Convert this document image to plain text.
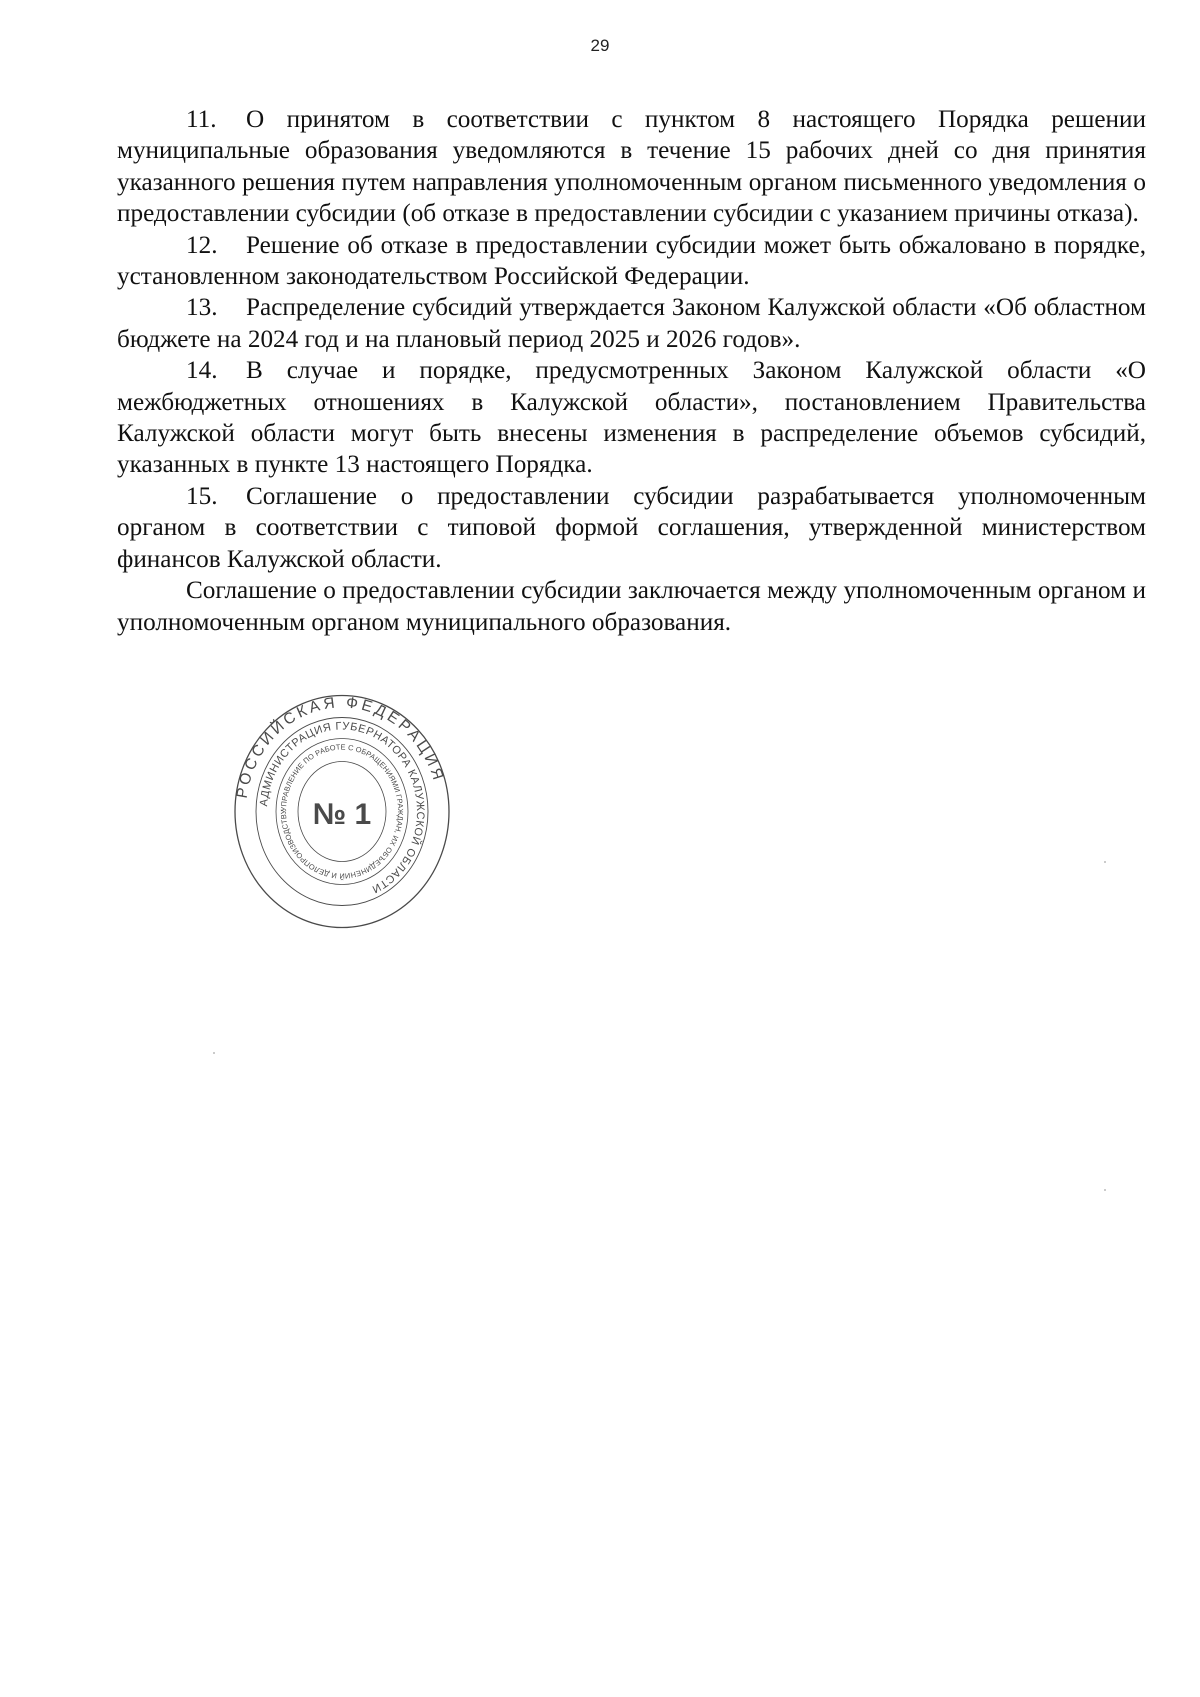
29

11. О принятом в соответствии с пунктом 8 настоящего Порядка решении муниципальные образования уведомляются в течение 15 рабочих дней со дня принятия указанного решения путем направления уполномоченным органом письменного уведомления о предоставлении субсидии (об отказе в предоставлении субсидии с указанием причины отказа).

12. Решение об отказе в предоставлении субсидии может быть обжаловано в порядке, установленном законодательством Российской Федерации.

13. Распределение субсидий утверждается Законом Калужской области «Об областном бюджете на 2024 год и на плановый период 2025 и 2026 годов».

14. В случае и порядке, предусмотренных Законом Калужской области «О межбюджетных отношениях в Калужской области», постановлением Правительства Калужской области могут быть внесены изменения в распределение объемов субсидий, указанных в пункте 13 настоящего Порядка.

15. Соглашение о предоставлении субсидии разрабатывается уполномоченным органом в соответствии с типовой формой соглашения, утвержденной министерством финансов Калужской области.

Соглашение о предоставлении субсидии заключается между уполномоченным органом и уполномоченным органом муниципального образования.

РОССИЙСКАЯ ФЕДЕРАЦИЯ
АДМИНИСТРАЦИЯ ГУБЕРНАТОРА КАЛУЖСКОЙ ОБЛАСТИ
УПРАВЛЕНИЕ ПО РАБОТЕ С ОБРАЩЕНИЯМИ ГРАЖДАН, ИХ ОБЪЕДИНЕНИЙ И ДЕЛОПРОИЗВОДСТВУ № 1
